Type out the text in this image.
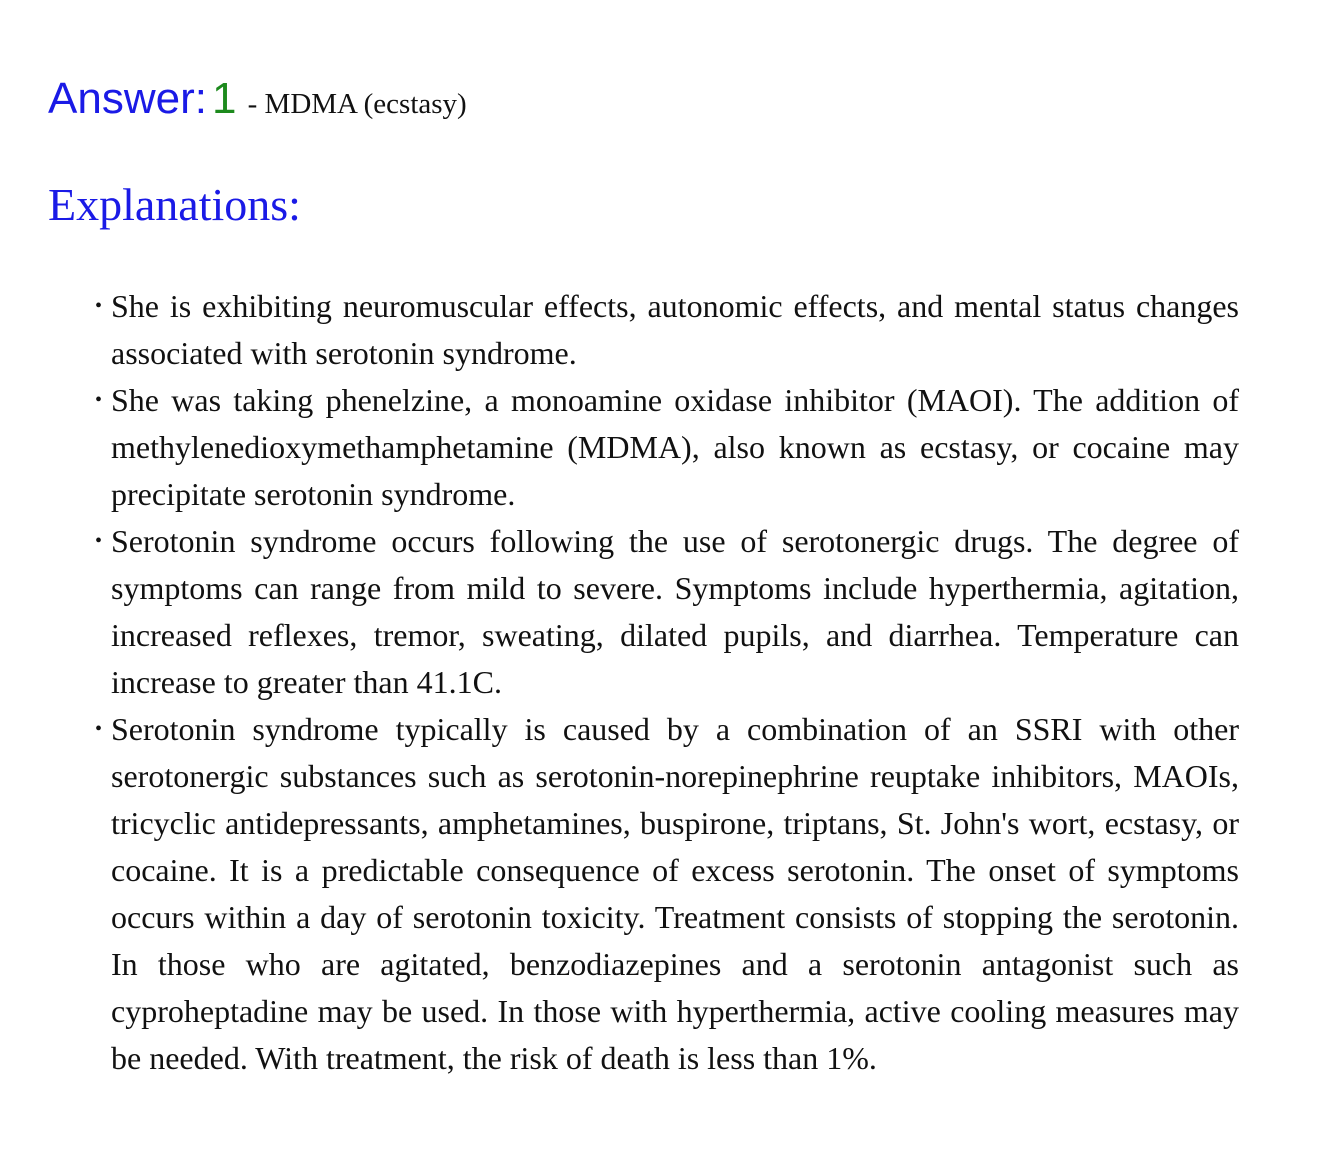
Answer: 1 - MDMA (ecstasy)
Explanations:
• She is exhibiting neuromuscular effects, autonomic effects, and mental status changes associated with serotonin syndrome.
• She was taking phenelzine, a monoamine oxidase inhibitor (MAOI). The addition of methylenedioxymethamphetamine (MDMA), also known as ecstasy, or cocaine may precipitate serotonin syndrome.
• Serotonin syndrome occurs following the use of serotonergic drugs. The degree of symptoms can range from mild to severe. Symptoms include hyperthermia, agitation, increased reflexes, tremor, sweating, dilated pupils, and diarrhea. Temperature can increase to greater than 41.1C.
• Serotonin syndrome typically is caused by a combination of an SSRI with other serotonergic substances such as serotonin-norepinephrine reuptake inhibitors, MAOIs, tricyclic antidepressants, amphetamines, buspirone, triptans, St. John's wort, ecstasy, or cocaine. It is a predictable consequence of excess serotonin. The onset of symptoms occurs within a day of serotonin toxicity. Treatment consists of stopping the serotonin. In those who are agitated, benzodiazepines and a serotonin antagonist such as cyproheptadine may be used. In those with hyperthermia, active cooling measures may be needed. With treatment, the risk of death is less than 1%.
